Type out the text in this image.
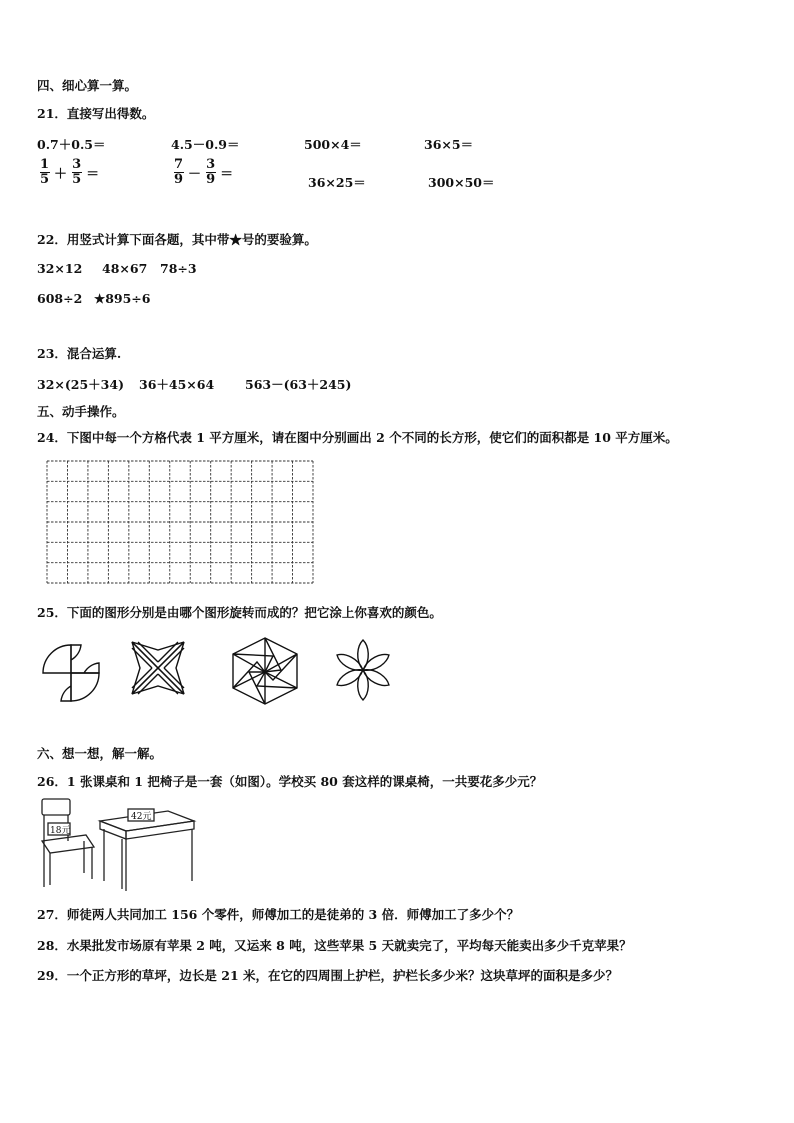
四、细心算一算。
21．直接写出得数。
0.7＋0.5＝	4.5－0.9＝	500×4＝	36×5＝
$\frac{1}{5} + \frac{3}{5}$ ＝	$\frac{7}{9} - \frac{3}{9}$ ＝
36×25＝	300×50＝
22．用竖式计算下面各题，其中带★号的要验算。
32×12 48×67 78÷3
608÷2 ★895÷6
23．混合运算.
32×(25＋34) 36＋45×64 563－(63＋245)
五、动手操作。
24．下图中每一个方格代表 1 平方厘米，请在图中分别画出 2 个不同的长方形，使它们的面积都是 10 平方厘米。
25．下面的图形分别是由哪个图形旋转而成的？把它涂上你喜欢的颜色。
六、想一想，解一解。
26．1 张课桌和 1 把椅子是一套（如图）。学校买 80 套这样的课桌椅，一共要花多少元？
18元
42元
27．师徒两人共同加工 156 个零件，师傅加工的是徒弟的 3 倍．师傅加工了多少个？
28．水果批发市场原有苹果 2 吨，又运来 8 吨，这些苹果 5 天就卖完了，平均每天能卖出多少千克苹果？
29．一个正方形的草坪，边长是 21 米，在它的四周围上护栏，护栏长多少米？这块草坪的面积是多少？
